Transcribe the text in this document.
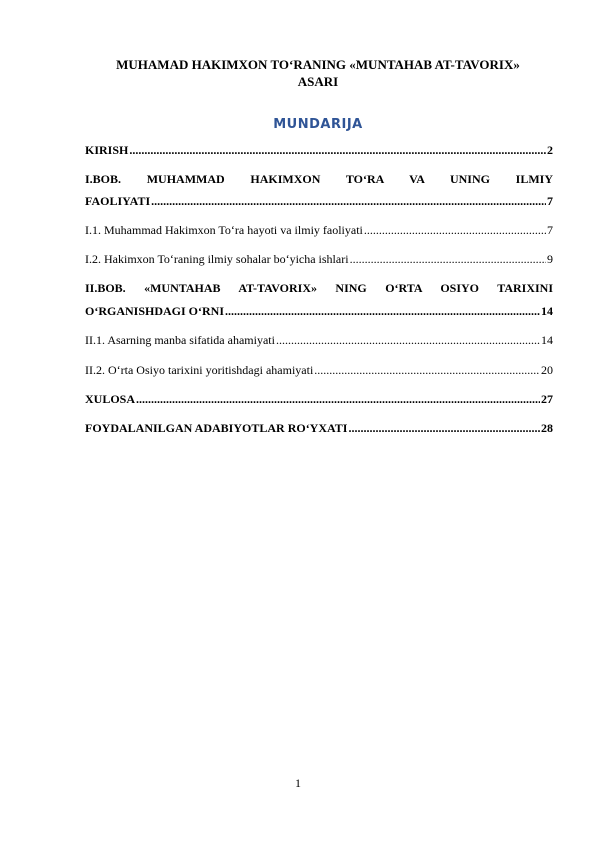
MUHAMAD HAKIMXON TO‘RANING «MUNTAHAB AT-TAVORIX»
ASARI
MUNDARIJA
KIRISH .....	2
I.BOB. MUHAMMAD HAKIMXON TO‘RA VA UNING ILMIY
FAOLIYATI .....	7
I.1. Muhammad Hakimxon To‘ra hayoti va ilmiy faoliyati .....	7
I.2. Hakimxon To‘raning ilmiy sohalar bo‘yicha ishlari .....	9
II.BOB. «MUNTAHAB AT-TAVORIX» NING O‘RTA OSIYO TARIXINI
O‘RGANISHDAGI O‘RNI .....	14
II.1. Asarning manba sifatida ahamiyati .....	14
II.2. O‘rta Osiyo tarixini yoritishdagi ahamiyati .....	20
XULOSA .....	27
FOYDALANILGAN ADABIYOTLAR RO‘YXATI .....	28
1
